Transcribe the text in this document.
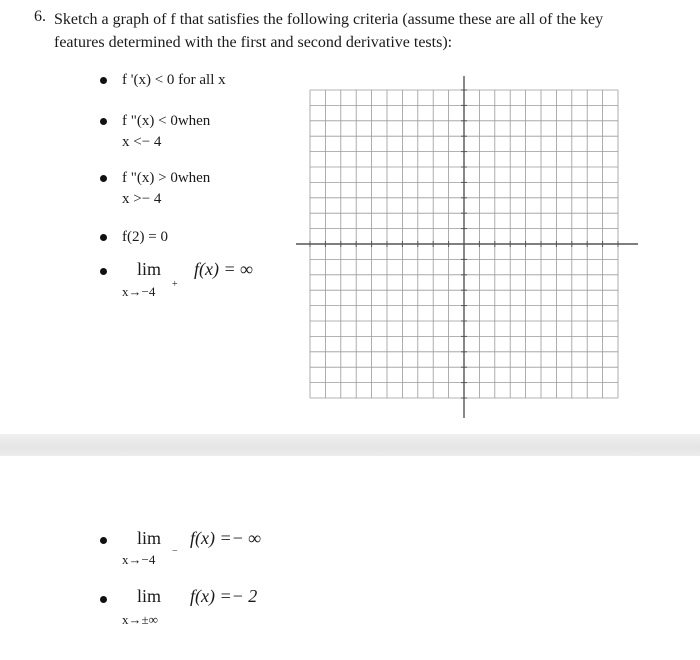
6. Sketch a graph of f that satisfies the following criteria (assume these are all of the key
features determined with the first and second derivative tests):
f '(x) < 0 for all x
f "(x) < 0when
x <− 4
f "(x) > 0when
x >− 4
f(2) = 0
lim
x→−4 +
f(x) = ∞
lim
x→−4
−
f(x) =− ∞
lim
x→±∞
f(x) =− 2
